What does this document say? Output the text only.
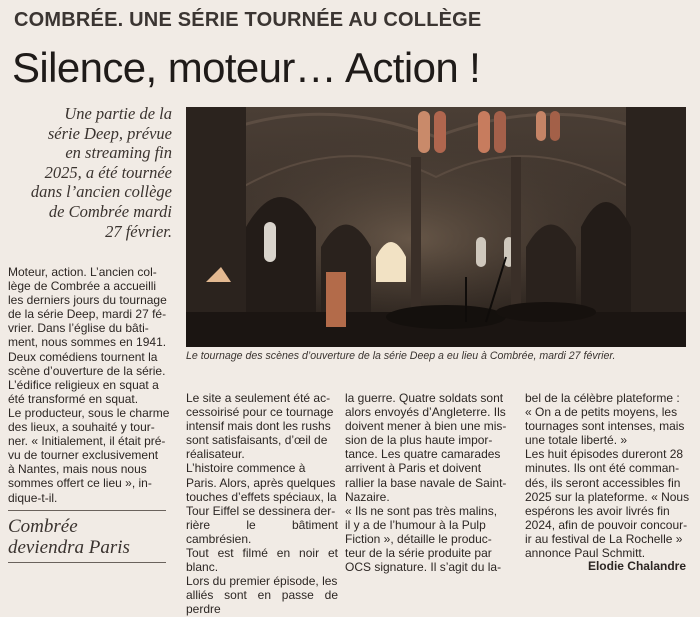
COMBRÉE. UNE SÉRIE TOURNÉE AU COLLÈGE
Silence, moteur… Action !
Une partie de la
série Deep, prévue
en streaming fin
2025, a été tournée
dans l’ancien collège
de Combrée mardi
27 février.
Le tournage des scènes d’ouverture de la série Deep a eu lieu à Combrée, mardi 27 février.

Moteur, action. L’ancien col-

lège de Combrée a accueilli

les derniers jours du tournage

de la série Deep, mardi 27 fé-

vrier. Dans l’église du bâti-

ment, nous sommes en 1941.

Deux comédiens tournent la

scène d’ouverture de la série.

L’édifice religieux en squat a

été transformé en squat.

Le producteur, sous le charme

des lieux, a souhaité y tour-

ner. « Initialement, il était pré-

vu de tourner exclusivement

à Nantes, mais nous nous

sommes offert ce lieu », in-

dique-t-il.

Combrée
deviendra Paris

Le site a seulement été ac-

cessoirisé pour ce tournage

intensif mais dont les rushs

sont satisfaisants, d’œil de

réalisateur.

L’histoire commence à

Paris. Alors, après quelques

touches d’effets spéciaux, la

Tour Eiffel se dessinera der-

rière le bâtiment cambrésien.

Tout est filmé en noir et blanc.

Lors du premier épisode, les

alliés sont en passe de perdre

la guerre. Quatre soldats sont

alors envoyés d’Angleterre. Ils

doivent mener à bien une mis-

sion de la plus haute impor-

tance. Les quatre camarades

arrivent à Paris et doivent

rallier la base navale de Saint-

Nazaire.

« Ils ne sont pas très malins,

il y a de l’humour à la Pulp

Fiction », détaille le produc-

teur de la série produite par

OCS signature. Il s’agit du la-

bel de la célèbre plateforme :

« On a de petits moyens, les

tournages sont intenses, mais

une totale liberté. »

Les huit épisodes dureront 28

minutes. Ils ont été comman-

dés, ils seront accessibles fin

2025 sur la plateforme. « Nous

espérons les avoir livrés fin

2024, afin de pouvoir concour-

ir au festival de La Rochelle »

annonce Paul Schmitt.

Elodie Chalandre
